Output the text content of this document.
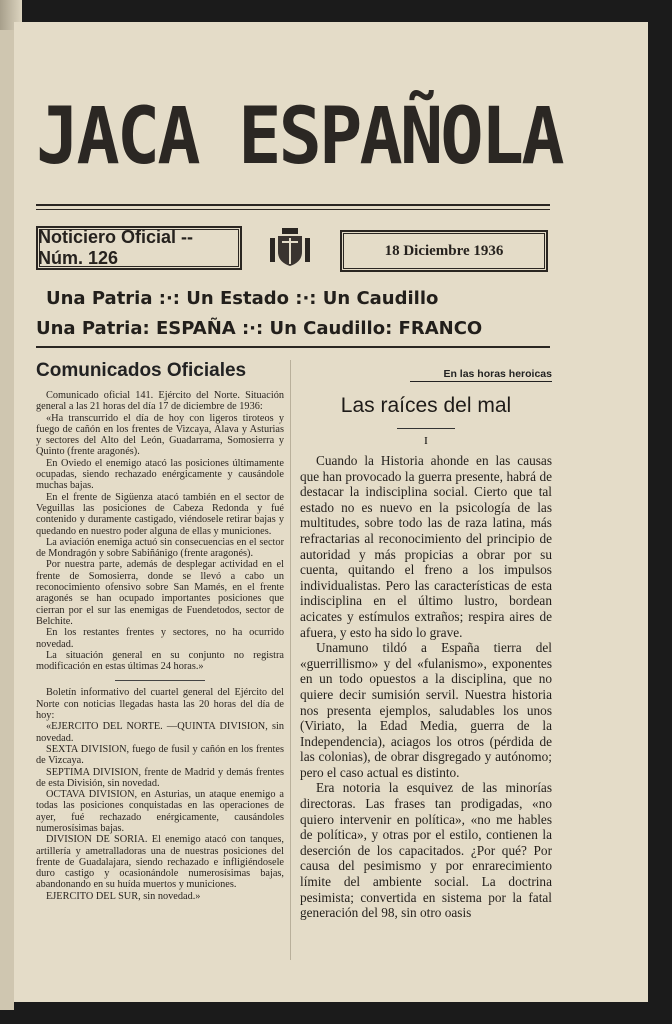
JACA ESPAÑOLA
Noticiero Oficial -- Núm. 126	18 Diciembre 1936
Una Patria :·: Un Estado :·: Un Caudillo
Una Patria: ESPAÑA :·: Un Caudillo: FRANCO
Comunicados Oficiales

Comunicado oficial 141. Ejército del Norte. Situación general a las 21 horas del día 17 de diciembre de 1936:

«Ha transcurrido el día de hoy con ligeros tiroteos y fuego de cañón en los frentes de Vizcaya, Alava y Asturias y sectores del Alto del León, Guadarrama, Somosierra y Quinto (frente aragonés).

En Oviedo el enemigo atacó las posiciones últimamente ocupadas, siendo rechazado enérgicamente y causándole muchas bajas.

En el frente de Sigüenza atacó también en el sector de Veguillas las posiciones de Cabeza Redonda y fué contenido y duramente castigado, viéndosele retirar bajas y quedando en nuestro poder alguna de ellas y municiones.

La aviación enemiga actuó sin consecuencias en el sector de Mondragón y sobre Sabiñánigo (frente aragonés).

Por nuestra parte, además de desplegar actividad en el frente de Somosierra, donde se llevó a cabo un reconocimiento ofensivo sobre San Mamés, en el frente aragonés se han ocupado importantes posiciones que cierran por el sur las enemigas de Fuendetodos, sector de Belchite.

En los restantes frentes y sectores, no ha ocurrido novedad.

La situación general en su conjunto no registra modificación en estas últimas 24 horas.»

Boletín informativo del cuartel general del Ejército del Norte con noticias llegadas hasta las 20 horas del día de hoy:

«EJERCITO DEL NORTE. —QUINTA DIVISION, sin novedad.

SEXTA DIVISION, fuego de fusil y cañón en los frentes de Vizcaya.

SEPTIMA DIVISION, frente de Madrid y demás frentes de esta División, sin novedad.

OCTAVA DIVISION, en Asturias, un ataque enemigo a todas las posiciones conquistadas en las operaciones de ayer, fué rechazado enérgicamente, causándoles numerosísimas bajas.

DIVISION DE SORIA. El enemigo atacó con tanques, artillería y ametralladoras una de nuestras posiciones del frente de Guadalajara, siendo rechazado e infligiéndosele duro castigo y ocasionándole numerosísimas bajas, abandonando en su huída muertos y municiones.

EJERCITO DEL SUR, sin novedad.»

En las horas heroicas
Las raíces del mal
I

Cuando la Historia ahonde en las causas que han provocado la guerra presente, habrá de destacar la indisciplina social. Cierto que tal estado no es nuevo en la psicología de las multitudes, sobre todo las de raza latina, más refractarias al reconocimiento del principio de autoridad y más propicias a obrar por su cuenta, quitando el freno a los impulsos individualistas. Pero las características de esta indisciplina en el último lustro, bordean acicates y estímulos extraños; respira aires de afuera, y esto ha sido lo grave.

Unamuno tildó a España tierra del «guerrillismo» y del «fulanismo», exponentes en un todo opuestos a la disciplina, que no quiere decir sumisión servil. Nuestra historia nos presenta ejemplos, saludables los unos (Viriato, la Edad Media, guerra de la Independencia), aciagos los otros (pérdida de las colonias), de obrar disgregado y autónomo; pero el caso actual es distinto.

Era notoria la esquivez de las minorías directoras. Las frases tan prodigadas, «no quiero intervenir en política», «no me hables de política», y otras por el estilo, contienen la deserción de los capacitados. ¿Por qué? Por causa del pesimismo y por enrarecimiento límite del ambiente social. La doctrina pesimista; convertida en sistema por la fatal generación del 98, sin otro oasis
